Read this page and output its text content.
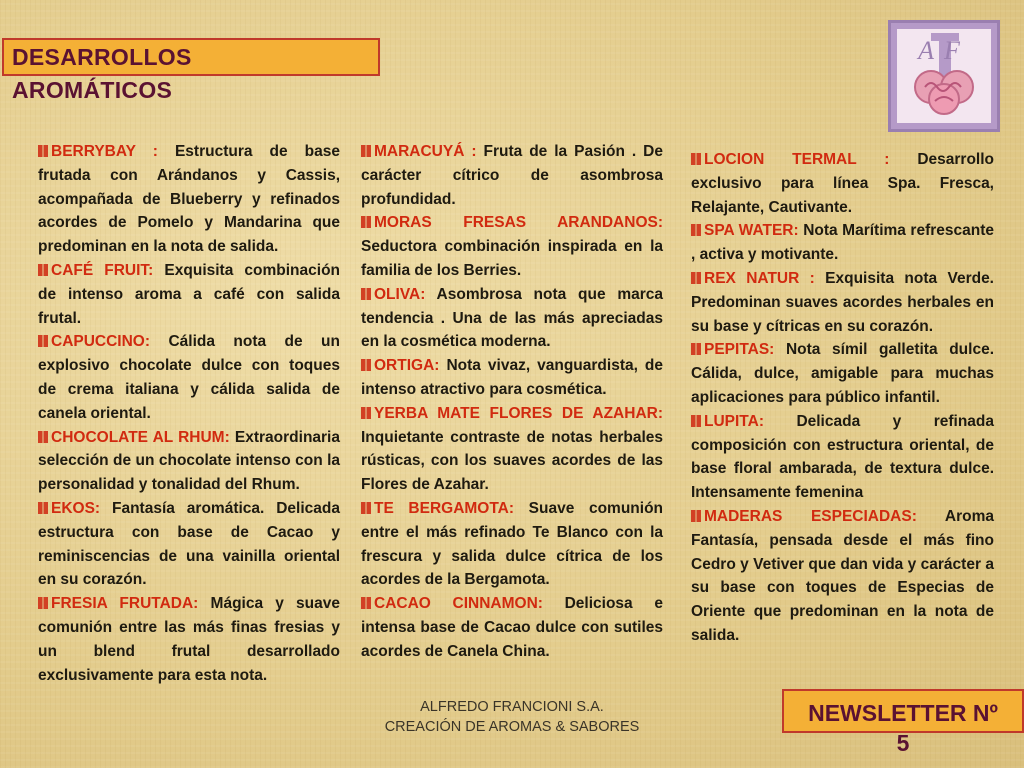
DESARROLLOS
AROMÁTICOS
AF

BERRYBAY : Estructura de base frutada con Arándanos y Cassis, acompañada de Blueberry y refinados acordes de Pomelo y Mandarina que predominan en la nota de salida.

CAFÉ FRUIT: Exquisita combinación de intenso aroma a café con salida frutal.

CAPUCCINO: Cálida nota de un explosivo chocolate dulce con toques de crema italiana y cálida salida de canela oriental.

CHOCOLATE AL RHUM: Extraordinaria selección de un chocolate intenso con la personalidad y tonalidad del Rhum.

EKOS: Fantasía aromática. Delicada estructura con base de Cacao y reminiscencias de una vainilla oriental en su corazón.

FRESIA FRUTADA: Mágica y suave comunión entre las más finas fresias y un blend frutal desarrollado exclusivamente para esta nota.

MARACUYÁ : Fruta de la Pasión . De carácter cítrico de asombrosa profundidad.

MORAS FRESAS ARANDANOS: Seductora combinación inspirada en la familia de los Berries.

OLIVA: Asombrosa nota que marca tendencia . Una de las más apreciadas en la cosmética moderna.

ORTIGA: Nota vivaz, vanguardista, de intenso atractivo para cosmética.

YERBA MATE FLORES DE AZAHAR: Inquietante contraste de notas herbales rústicas, con los suaves acordes de las Flores de Azahar.

TE BERGAMOTA: Suave comunión entre el más refinado Te Blanco con la frescura y salida dulce cítrica de los acordes de la Bergamota.

CACAO CINNAMON: Deliciosa e intensa base de Cacao dulce con sutiles acordes de Canela China.

LOCION TERMAL : Desarrollo exclusivo para línea Spa. Fresca, Relajante, Cautivante.

SPA WATER: Nota Marítima refrescante , activa y motivante.

REX NATUR : Exquisita nota Verde. Predominan suaves acordes herbales en su base y cítricas en su corazón.

PEPITAS: Nota símil galletita dulce. Cálida, dulce, amigable para muchas aplicaciones para público infantil.

LUPITA: Delicada y refinada composición con estructura oriental, de base floral ambarada, de textura dulce. Intensamente femenina

MADERAS ESPECIADAS: Aroma Fantasía, pensada desde el más fino Cedro y Vetiver que dan vida y carácter a su base con toques de Especias de Oriente que predominan en la nota de salida.

ALFREDO FRANCIONI S.A.
CREACIÓN DE AROMAS & SABORES
NEWSLETTER Nº
5
